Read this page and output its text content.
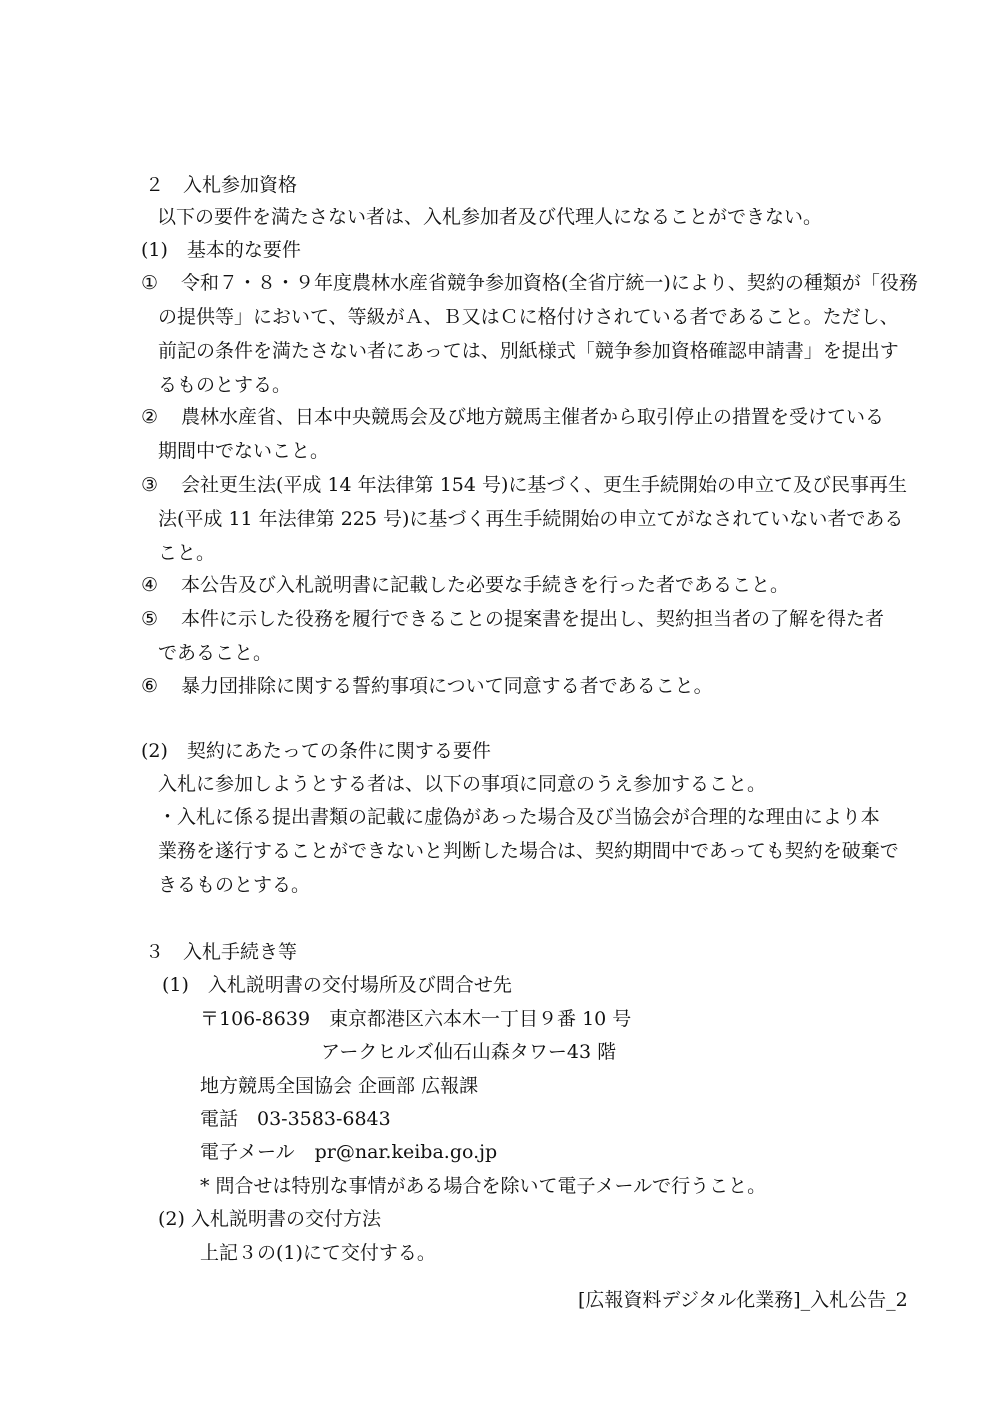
２　入札参加資格
以下の要件を満たさない者は、入札参加者及び代理人になることができない。
(1)　基本的な要件
① 令和７・８・９年度農林水産省競争参加資格(全省庁統一)により、契約の種類が「役務
の提供等」において、等級がＡ、Ｂ又はＣに格付けされている者であること。ただし、
前記の条件を満たさない者にあっては、別紙様式「競争参加資格確認申請書」を提出す
るものとする。
② 農林水産省、日本中央競馬会及び地方競馬主催者から取引停止の措置を受けている
期間中でないこと。
③ 会社更生法(平成 14 年法律第 154 号)に基づく、更生手続開始の申立て及び民事再生
法(平成 11 年法律第 225 号)に基づく再生手続開始の申立てがなされていない者である
こと。
④ 本公告及び入札説明書に記載した必要な手続きを行った者であること。
⑤ 本件に示した役務を履行できることの提案書を提出し、契約担当者の了解を得た者
であること。
⑥ 暴力団排除に関する誓約事項について同意する者であること。
(2)　契約にあたっての条件に関する要件
入札に参加しようとする者は、以下の事項に同意のうえ参加すること。
・入札に係る提出書類の記載に虚偽があった場合及び当協会が合理的な理由により本
業務を遂行することができないと判断した場合は、契約期間中であっても契約を破棄で
きるものとする。
３　入札手続き等
(1)　入札説明書の交付場所及び問合せ先
〒106-8639　東京都港区六本木一丁目９番 10 号
アークヒルズ仙石山森タワー43 階
地方競馬全国協会 企画部 広報課
電話　03-3583-6843
電子メール pr@nar.keiba.go.jp
* 問合せは特別な事情がある場合を除いて電子メールで行うこと。
(2) 入札説明書の交付方法
上記３の(1)にて交付する。
[広報資料デジタル化業務]_入札公告_2
